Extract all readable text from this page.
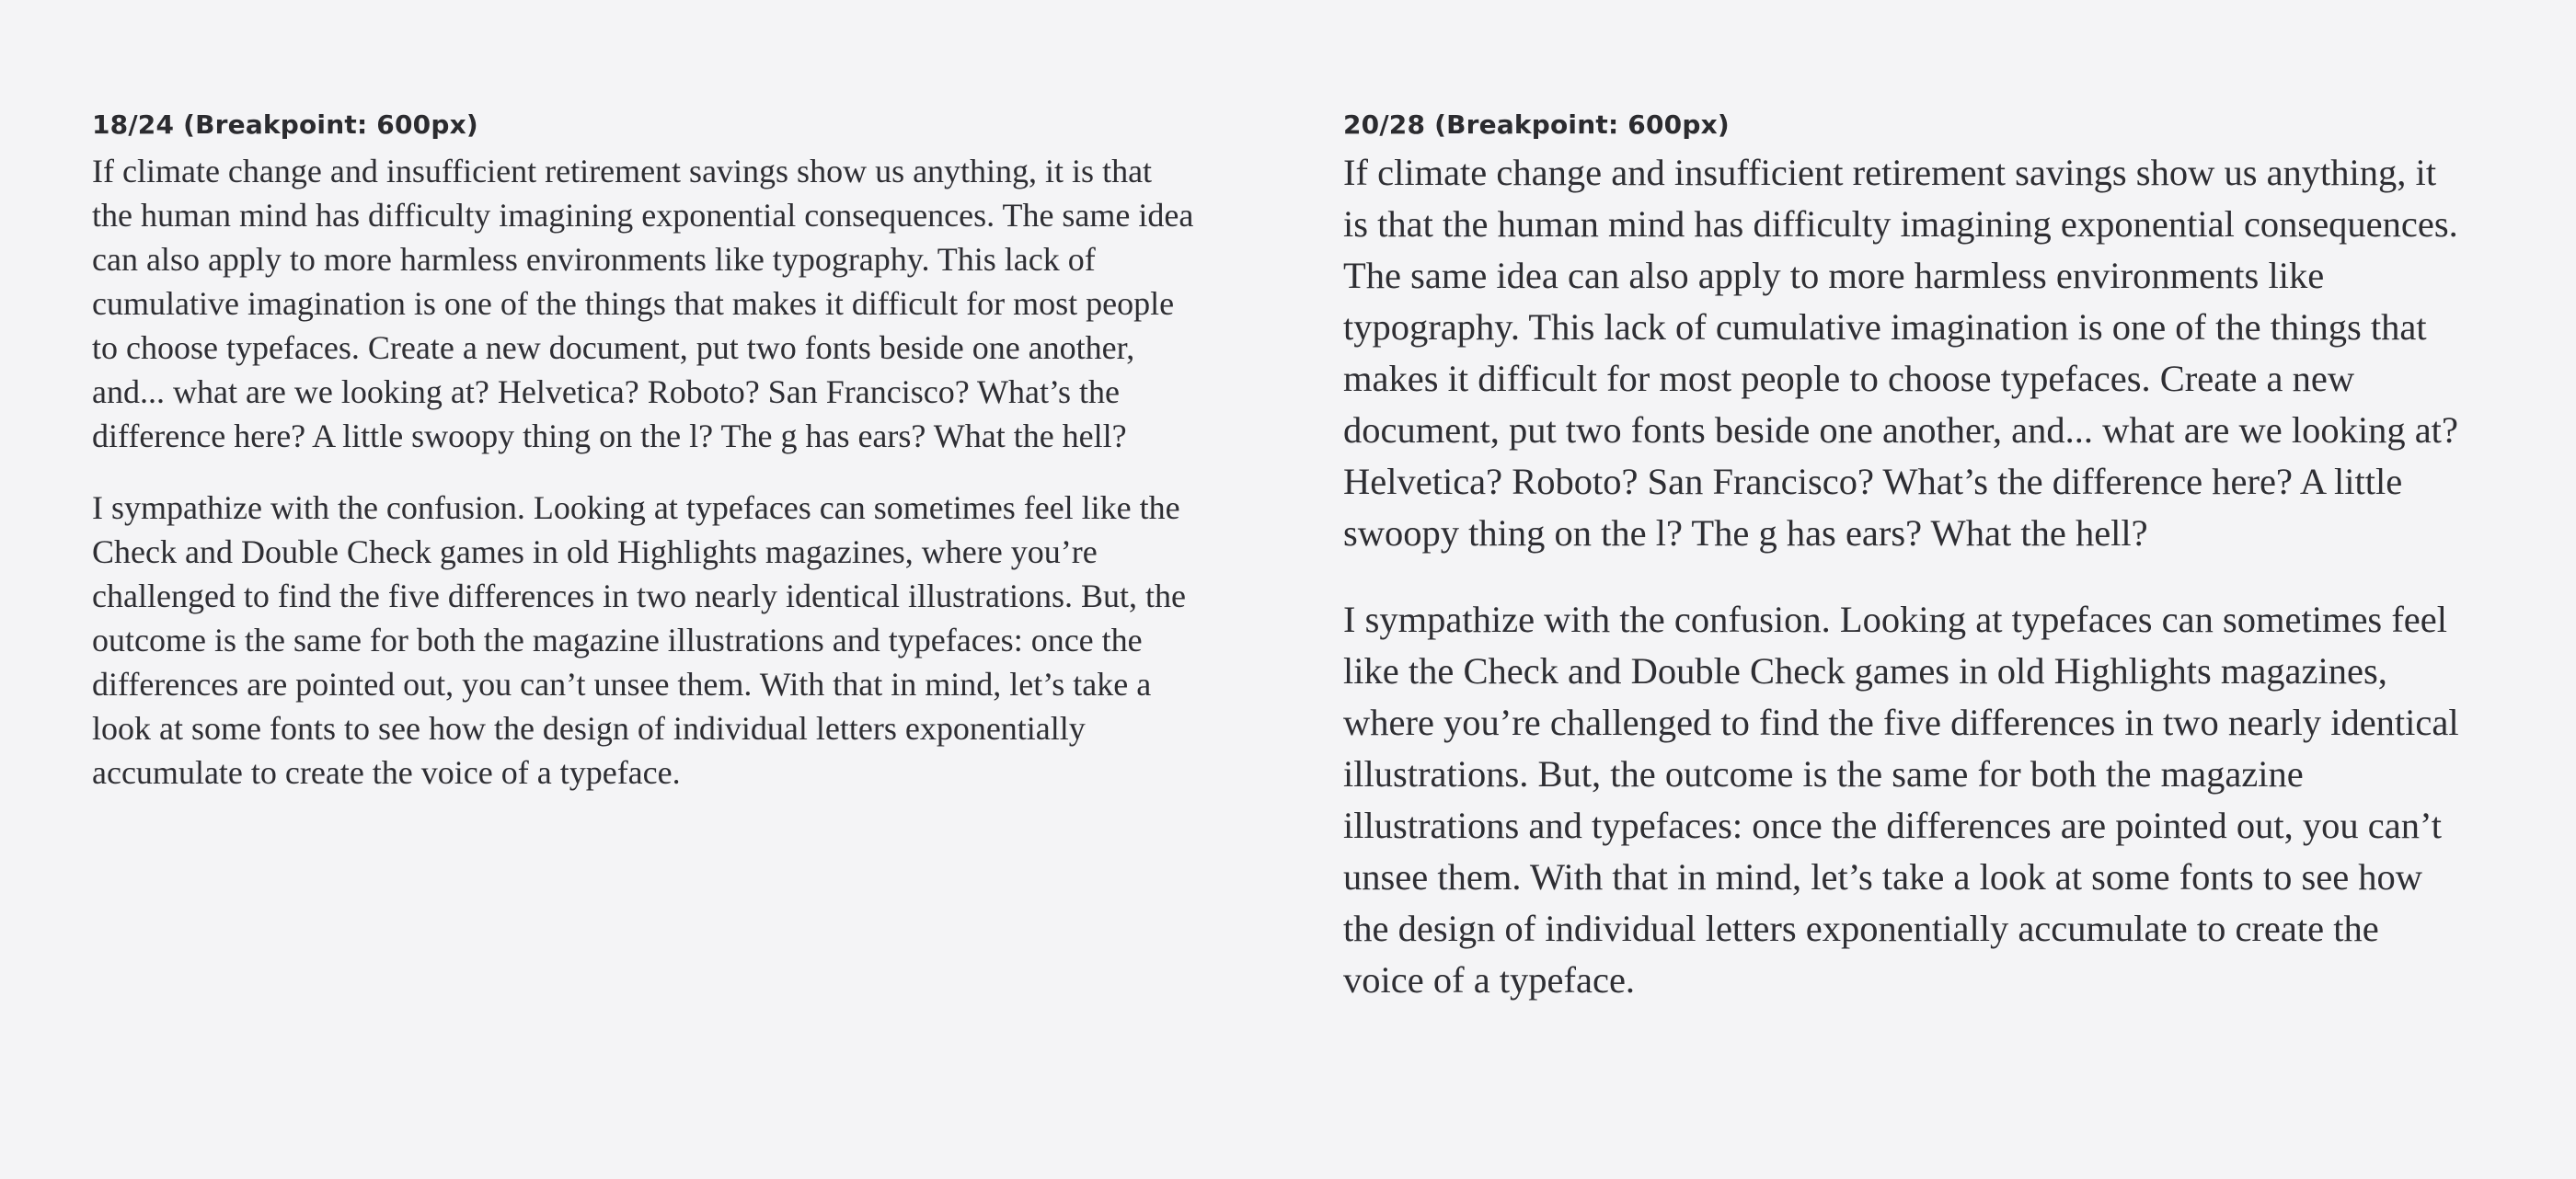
18/24 (Breakpoint: 600px)

If climate change and insufficient retirement savings show us anything, it is that the human mind has difficulty imagining exponential consequences. The same idea can also apply to more harmless environments like typography. This lack of cumulative imagination is one of the things that makes it difficult for most people to choose typefaces. Create a new document, put two fonts beside one another, and... what are we looking at? Helvetica? Roboto? San Francisco? What’s the difference here? A little swoopy thing on the l? The g has ears? What the hell?

I sympathize with the confusion. Looking at typefaces can sometimes feel like the Check and Double Check games in old Highlights magazines, where you’re challenged to find the five differences in two nearly identical illustrations. But, the outcome is the same for both the magazine illustrations and typefaces: once the differences are pointed out, you can’t unsee them. With that in mind, let’s take a look at some fonts to see how the design of individual letters exponentially accumulate to create the voice of a typeface.

20/28 (Breakpoint: 600px)

If climate change and insufficient retirement savings show us anything, it is that the human mind has difficulty imagining exponential consequences. The same idea can also apply to more harmless environments like typography. This lack of cumulative imagination is one of the things that makes it difficult for most people to choose typefaces. Create a new document, put two fonts beside one another, and... what are we looking at? Helvetica? Roboto? San Francisco? What’s the difference here? A little swoopy thing on the l? The g has ears? What the hell?

I sympathize with the confusion. Looking at typefaces can sometimes feel like the Check and Double Check games in old Highlights magazines, where you’re challenged to find the five differences in two nearly identical illustrations. But, the outcome is the same for both the magazine illustrations and typefaces: once the differences are pointed out, you can’t unsee them. With that in mind, let’s take a look at some fonts to see how the design of individual letters exponentially accumulate to create the voice of a typeface.
